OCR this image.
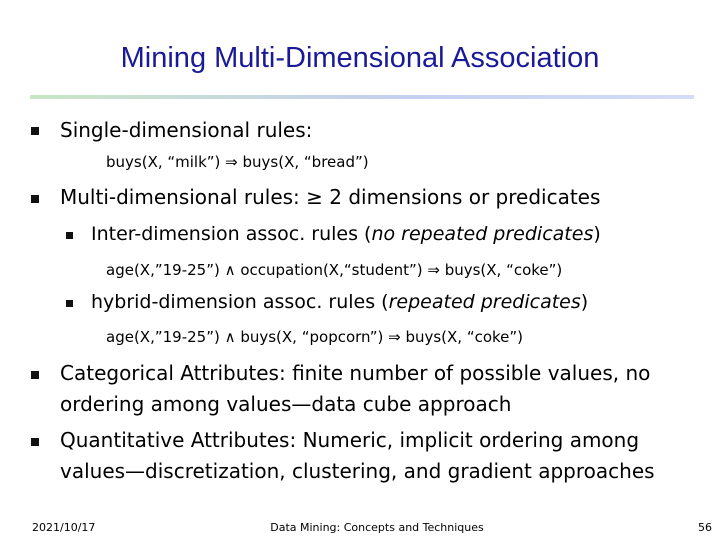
Mining Multi-Dimensional Association
Single-dimensional rules:
buys(X, “milk”) ⇒ buys(X, “bread”)
Multi-dimensional rules: ≥ 2 dimensions or predicates
Inter-dimension assoc. rules (no repeated predicates)
age(X,”19-25”) ∧ occupation(X,“student”) ⇒ buys(X, “coke”)
hybrid-dimension assoc. rules (repeated predicates)
age(X,”19-25”) ∧ buys(X, “popcorn”) ⇒ buys(X, “coke”)
Categorical Attributes: finite number of possible values, no
ordering among values—data cube approach
Quantitative Attributes: Numeric, implicit ordering among
values—discretization, clustering, and gradient approaches
2021/10/17	Data Mining: Concepts and Techniques	56
